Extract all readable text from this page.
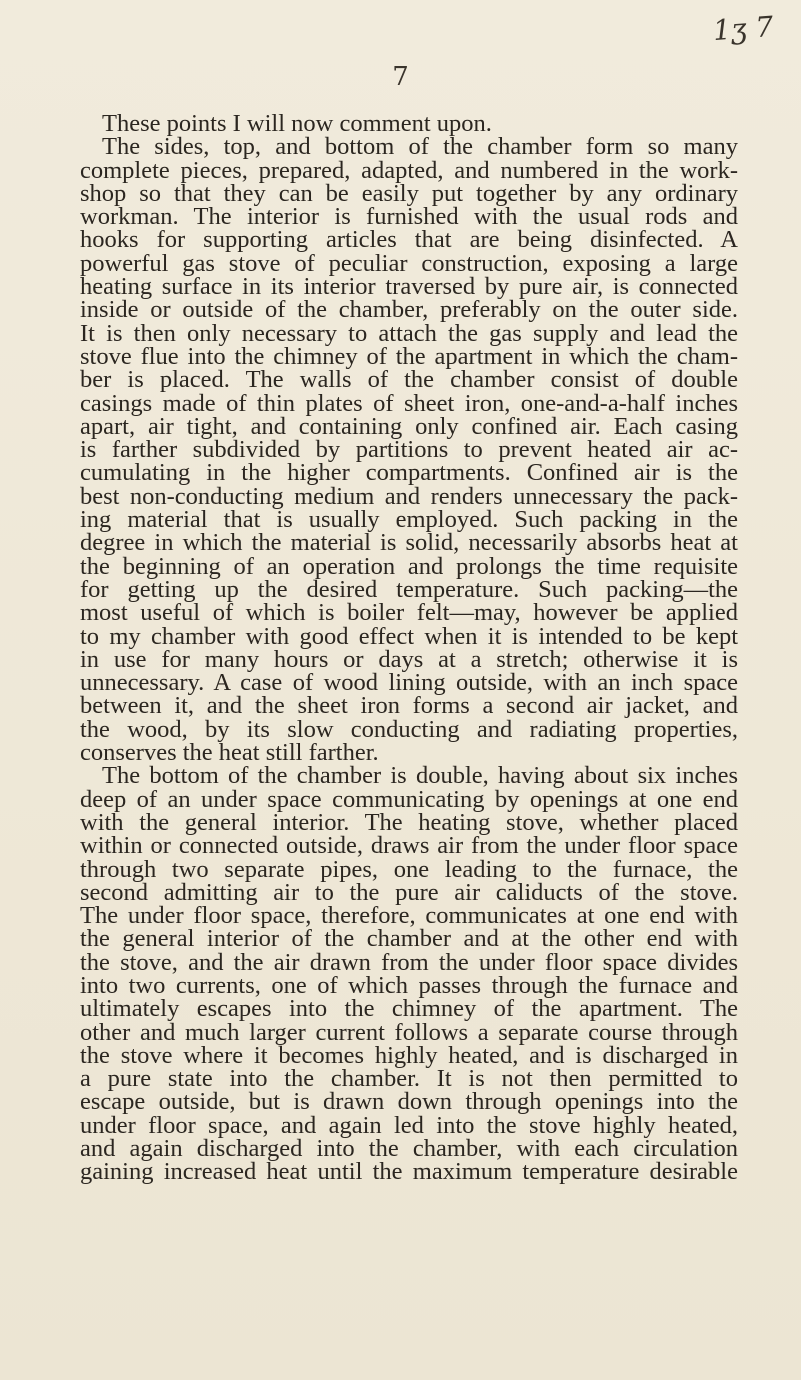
1ʒ 7
7
These points I will now comment upon.
The sides, top, and bottom of the chamber form so many
complete pieces, prepared, adapted, and numbered in the work-
shop so that they can be easily put together by any ordinary
workman. The interior is furnished with the usual rods and
hooks for supporting articles that are being disinfected. A
powerful gas stove of peculiar construction, exposing a large
heating surface in its interior traversed by pure air, is connected
inside or outside of the chamber, preferably on the outer side.
It is then only necessary to attach the gas supply and lead the
stove flue into the chimney of the apartment in which the cham-
ber is placed. The walls of the chamber consist of double
casings made of thin plates of sheet iron, one-and-a-half inches
apart, air tight, and containing only confined air. Each casing
is farther subdivided by partitions to prevent heated air ac-
cumulating in the higher compartments. Confined air is the
best non-conducting medium and renders unnecessary the pack-
ing material that is usually employed. Such packing in the
degree in which the material is solid, necessarily absorbs heat at
the beginning of an operation and prolongs the time requisite
for getting up the desired temperature. Such packing—the
most useful of which is boiler felt—may, however be applied
to my chamber with good effect when it is intended to be kept
in use for many hours or days at a stretch; otherwise it is
unnecessary. A case of wood lining outside, with an inch space
between it, and the sheet iron forms a second air jacket, and
the wood, by its slow conducting and radiating properties,
conserves the heat still farther.
The bottom of the chamber is double, having about six inches
deep of an under space communicating by openings at one end
with the general interior. The heating stove, whether placed
within or connected outside, draws air from the under floor space
through two separate pipes, one leading to the furnace, the
second admitting air to the pure air caliducts of the stove.
The under floor space, therefore, communicates at one end with
the general interior of the chamber and at the other end with
the stove, and the air drawn from the under floor space divides
into two currents, one of which passes through the furnace and
ultimately escapes into the chimney of the apartment. The
other and much larger current follows a separate course through
the stove where it becomes highly heated, and is discharged in
a pure state into the chamber. It is not then permitted to
escape outside, but is drawn down through openings into the
under floor space, and again led into the stove highly heated,
and again discharged into the chamber, with each circulation
gaining increased heat until the maximum temperature desirable
